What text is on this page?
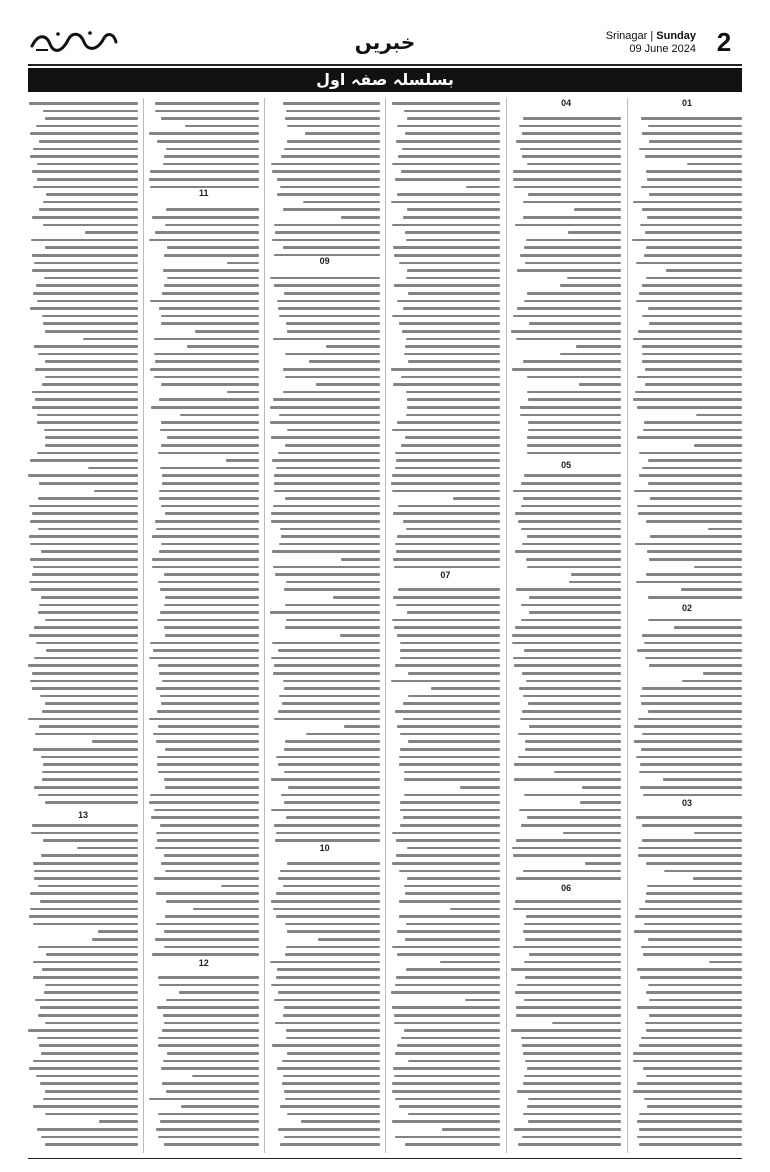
خبریں	Srinagar | Sunday
09 June 2024 2
بسلسلہ صفہ اول
01
02
03
04
05
06
07
09
10
11
12
13
